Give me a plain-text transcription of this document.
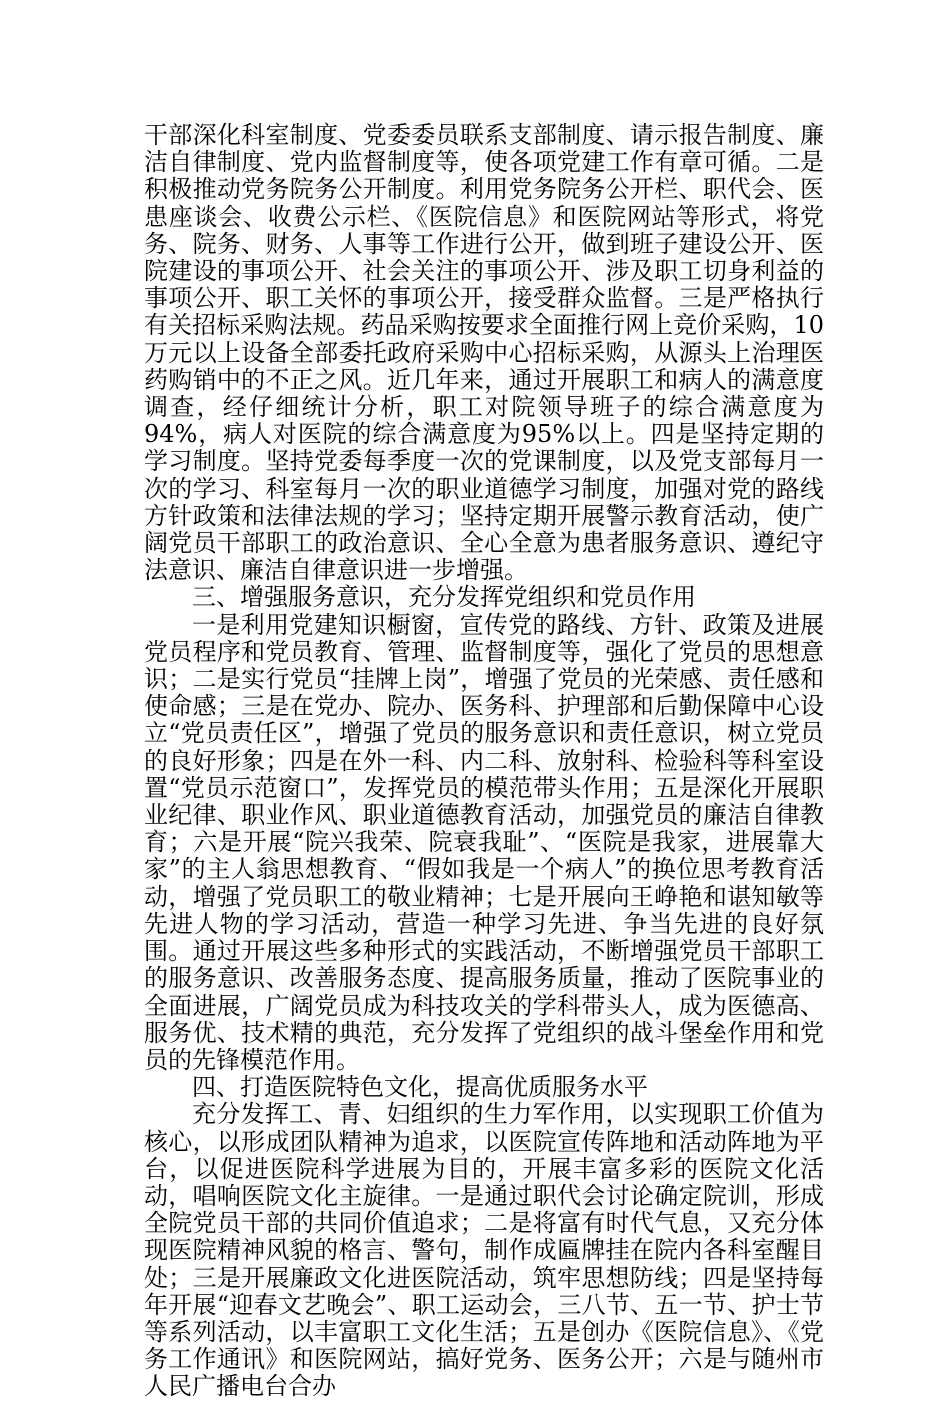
干部深化科室制度、党委委员联系支部制度、请示报告制度、廉洁自律制度、党内监督制度等，使各项党建工作有章可循。二是积极推动党务院务公开制度。利用党务院务公开栏、职代会、医患座谈会、收费公示栏、《医院信息》和医院网站等形式，将党务、院务、财务、人事等工作进行公开，做到班子建设公开、医院建设的事项公开、社会关注的事项公开、涉及职工切身利益的事项公开、职工关怀的事项公开，接受群众监督。三是严格执行有关招标采购法规。药品采购按要求全面推行网上竞价采购，10万元以上设备全部委托政府采购中心招标采购，从源头上治理医药购销中的不正之风。近几年来，通过开展职工和病人的满意度调查，经仔细统计分析，职工对院领导班子的综合满意度为94%，病人对医院的综合满意度为95%以上。四是坚持定期的学习制度。坚持党委每季度一次的党课制度，以及党支部每月一次的学习、科室每月一次的职业道德学习制度，加强对党的路线方针政策和法律法规的学习；坚持定期开展警示教育活动，使广阔党员干部职工的政治意识、全心全意为患者服务意识、遵纪守法意识、廉洁自律意识进一步增强。

三、增强服务意识，充分发挥党组织和党员作用

一是利用党建知识橱窗，宣传党的路线、方针、政策及进展党员程序和党员教育、管理、监督制度等，强化了党员的思想意识；二是实行党员“挂牌上岗”，增强了党员的光荣感、责任感和使命感；三是在党办、院办、医务科、护理部和后勤保障中心设立“党员责任区”，增强了党员的服务意识和责任意识，树立党员的良好形象；四是在外一科、内二科、放射科、检验科等科室设置“党员示范窗口”，发挥党员的模范带头作用；五是深化开展职业纪律、职业作风、职业道德教育活动，加强党员的廉洁自律教育；六是开展“院兴我荣、院衰我耻”、“医院是我家，进展靠大家”的主人翁思想教育、“假如我是一个病人”的换位思考教育活动，增强了党员职工的敬业精神；七是开展向王峥艳和谌知敏等先进人物的学习活动，营造一种学习先进、争当先进的良好氛围。通过开展这些多种形式的实践活动，不断增强党员干部职工的服务意识、改善服务态度、提高服务质量，推动了医院事业的全面进展，广阔党员成为科技攻关的学科带头人，成为医德高、服务优、技术精的典范，充分发挥了党组织的战斗堡垒作用和党员的先锋模范作用。

四、打造医院特色文化，提高优质服务水平

充分发挥工、青、妇组织的生力军作用，以实现职工价值为核心，以形成团队精神为追求，以医院宣传阵地和活动阵地为平台，以促进医院科学进展为目的，开展丰富多彩的医院文化活动，唱响医院文化主旋律。一是通过职代会讨论确定院训，形成全院党员干部的共同价值追求；二是将富有时代气息，又充分体现医院精神风貌的格言、警句，制作成匾牌挂在院内各科室醒目处；三是开展廉政文化进医院活动，筑牢思想防线；四是坚持每年开展“迎春文艺晚会”、职工运动会，三八节、五一节、护士节等系列活动，以丰富职工文化生活；五是创办《医院信息》、《党务工作通讯》和医院网站，搞好党务、医务公开；六是与随州市人民广播电台合办
